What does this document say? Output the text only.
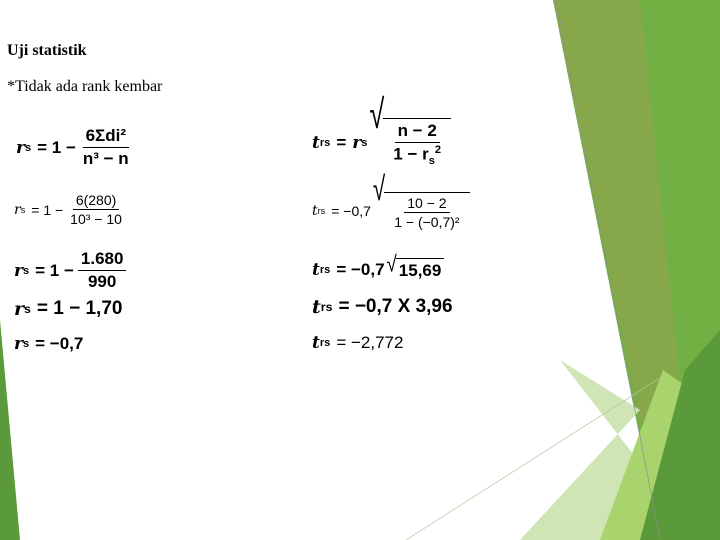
Uji statistik
*Tidak ada rank kembar
r $s = 1 - \frac{\text{6Σdi²}}{\text{n³ − n}}$
r $s = 1 - \frac{6(280)}{\text{10³ − 10}}$
r $s = 1 - \frac{1.680}{990}$
r s = 1 − 1,70
r s = −0,7
t rs = r s
√
$\frac{n - 2}{1 - r_s^2}$
t rs = −0,7
√
$\frac{10 - 2}{\text{1 − (−0,7)²}}$
t rs = −0,7 √ 15,69
t rs = −0,7 X 3,96
t rs = −2,772
